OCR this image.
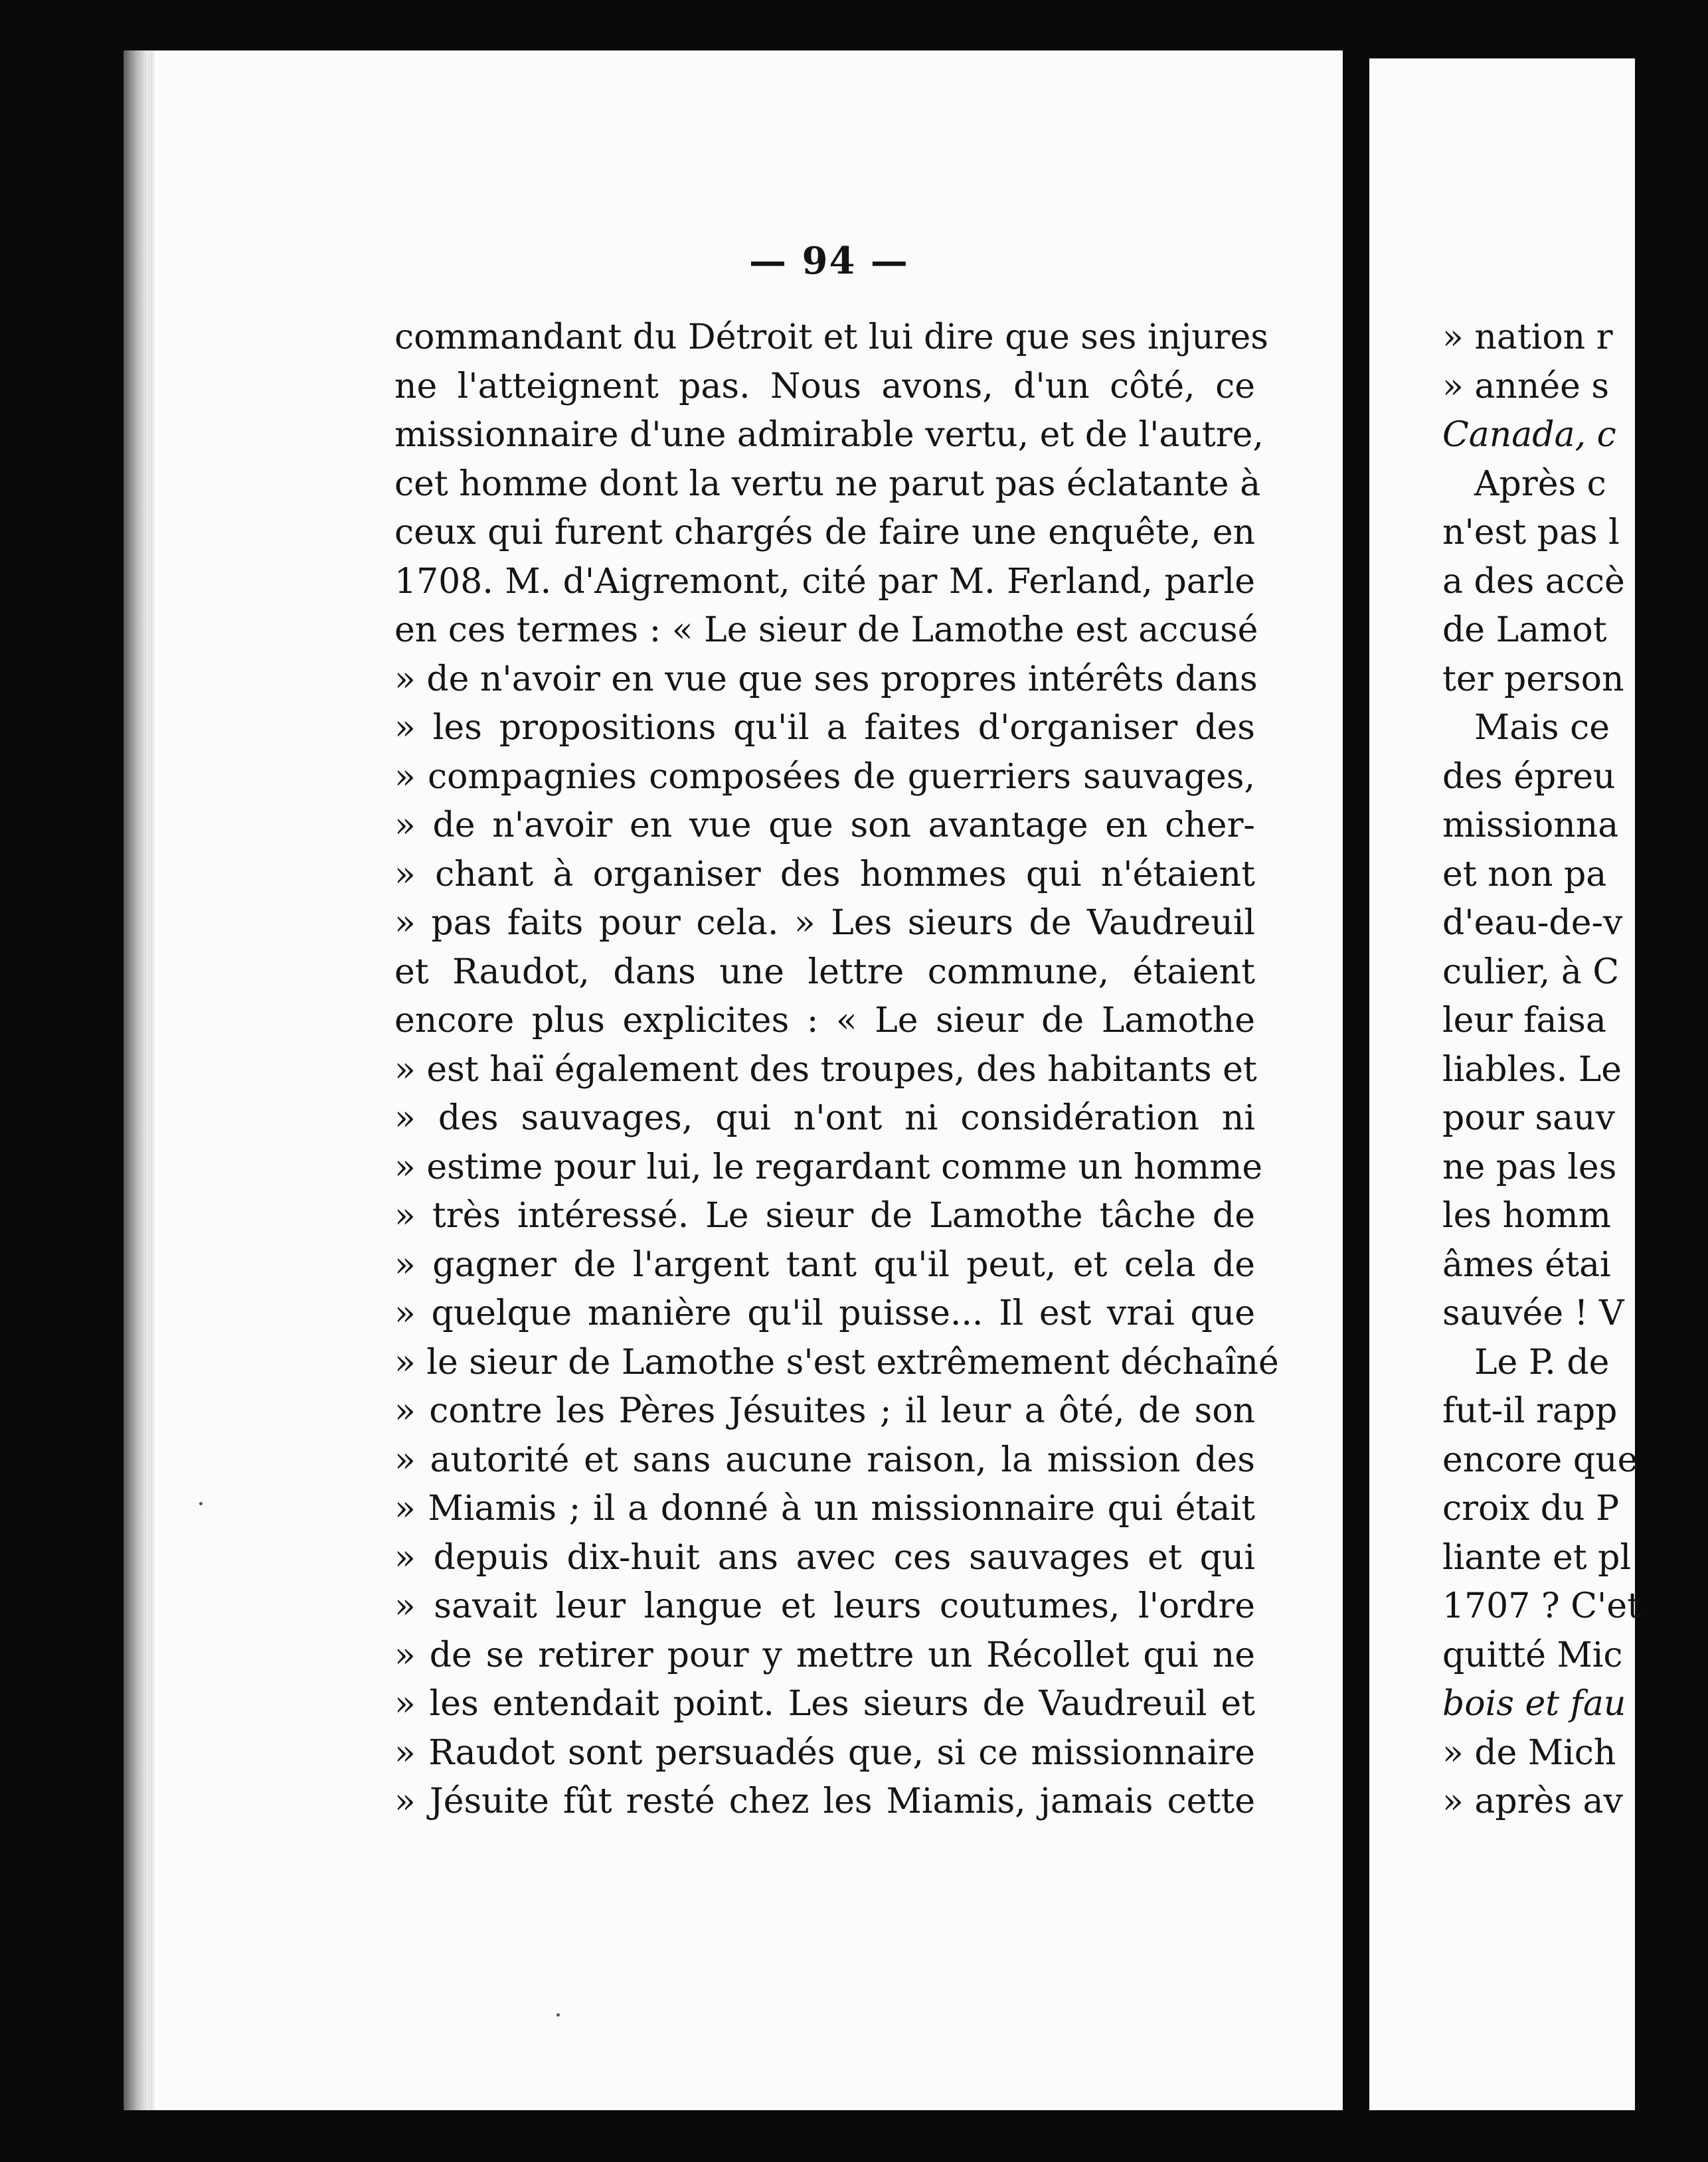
— 94 —
commandant du Détroit et lui dire que ses injures
ne l'atteignent pas. Nous avons, d'un côté, ce
missionnaire d'une admirable vertu, et de l'autre,
cet homme dont la vertu ne parut pas éclatante à
ceux qui furent chargés de faire une enquête, en
1708. M. d'Aigremont, cité par M. Ferland, parle
en ces termes : « Le sieur de Lamothe est accusé
» de n'avoir en vue que ses propres intérêts dans
» les propositions qu'il a faites d'organiser des
» compagnies composées de guerriers sauvages,
» de n'avoir en vue que son avantage en cher-
» chant à organiser des hommes qui n'étaient
» pas faits pour cela. » Les sieurs de Vaudreuil
et Raudot, dans une lettre commune, étaient
encore plus explicites : « Le sieur de Lamothe
» est haï également des troupes, des habitants et
» des sauvages, qui n'ont ni considération ni
» estime pour lui, le regardant comme un homme
» très intéressé. Le sieur de Lamothe tâche de
» gagner de l'argent tant qu'il peut, et cela de
» quelque manière qu'il puisse... Il est vrai que
» le sieur de Lamothe s'est extrêmement déchaîné
» contre les Pères Jésuites ; il leur a ôté, de son
» autorité et sans aucune raison, la mission des
» Miamis ; il a donné à un missionnaire qui était
» depuis dix-huit ans avec ces sauvages et qui
» savait leur langue et leurs coutumes, l'ordre
» de se retirer pour y mettre un Récollet qui ne
» les entendait point. Les sieurs de Vaudreuil et
» Raudot sont persuadés que, si ce missionnaire
» Jésuite fût resté chez les Miamis, jamais cette
» nation r
» année s
Canada, c
Après c
n'est pas l
a des accè
de Lamot
ter person
Mais ce
des épreu
missionna
et non pa
d'eau-de-v
culier, à C
leur faisa
liables. Le
pour sauv
ne pas les
les homm
âmes étai
sauvée ! V
Le P. de
fut-il rapp
encore que
croix du P
liante et pl
1707 ? C'et
quitté Mic
bois et fau
» de Mich
» après av
